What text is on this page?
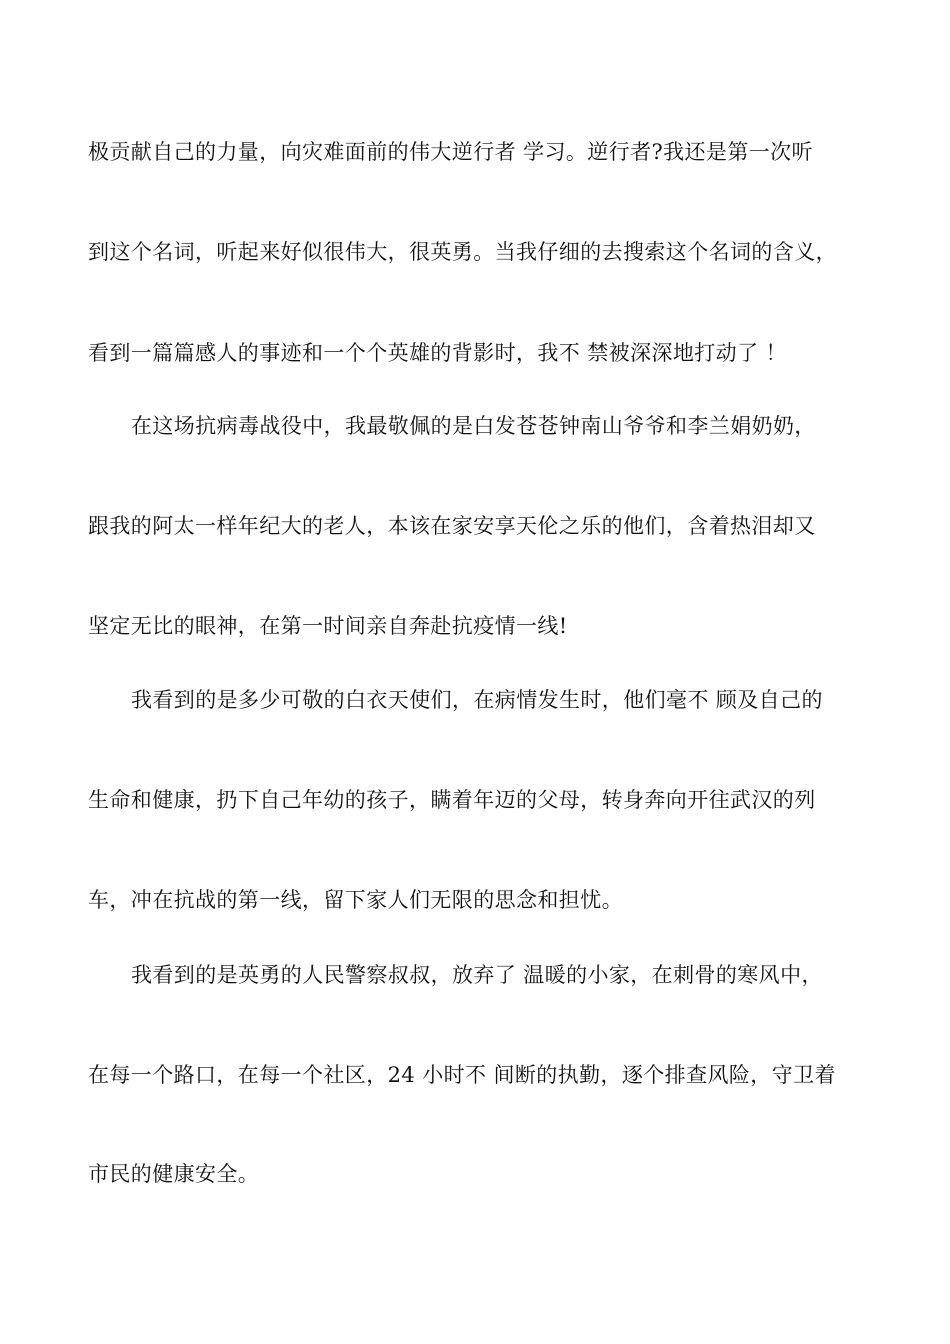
极贡献自己的力量，向灾难面前的伟大逆行者 学习。逆行者?我还是第一次听
到这个名词，听起来好似很伟大，很英勇。当我仔细的去搜索这个名词的含义，
看到一篇篇感人的事迹和一个个英雄的背影时，我不 禁被深深地打动了 ！
在这场抗病毒战役中，我最敬佩的是白发苍苍钟南山爷爷和李兰娟奶奶，
跟我的阿太一样年纪大的老人，本该在家安享天伦之乐的他们，含着热泪却又
坚定无比的眼神，在第一时间亲自奔赴抗疫情一线!
我看到的是多少可敬的白衣天使们，在病情发生时，他们毫不 顾及自己的
生命和健康，扔下自己年幼的孩子，瞒着年迈的父母，转身奔向开往武汉的列
车，冲在抗战的第一线，留下家人们无限的思念和担忧。
我看到的是英勇的人民警察叔叔，放弃了 温暖的小家，在刺骨的寒风中，
在每一个路口，在每一个社区，24 小时不 间断的执勤，逐个排查风险，守卫着
市民的健康安全。
